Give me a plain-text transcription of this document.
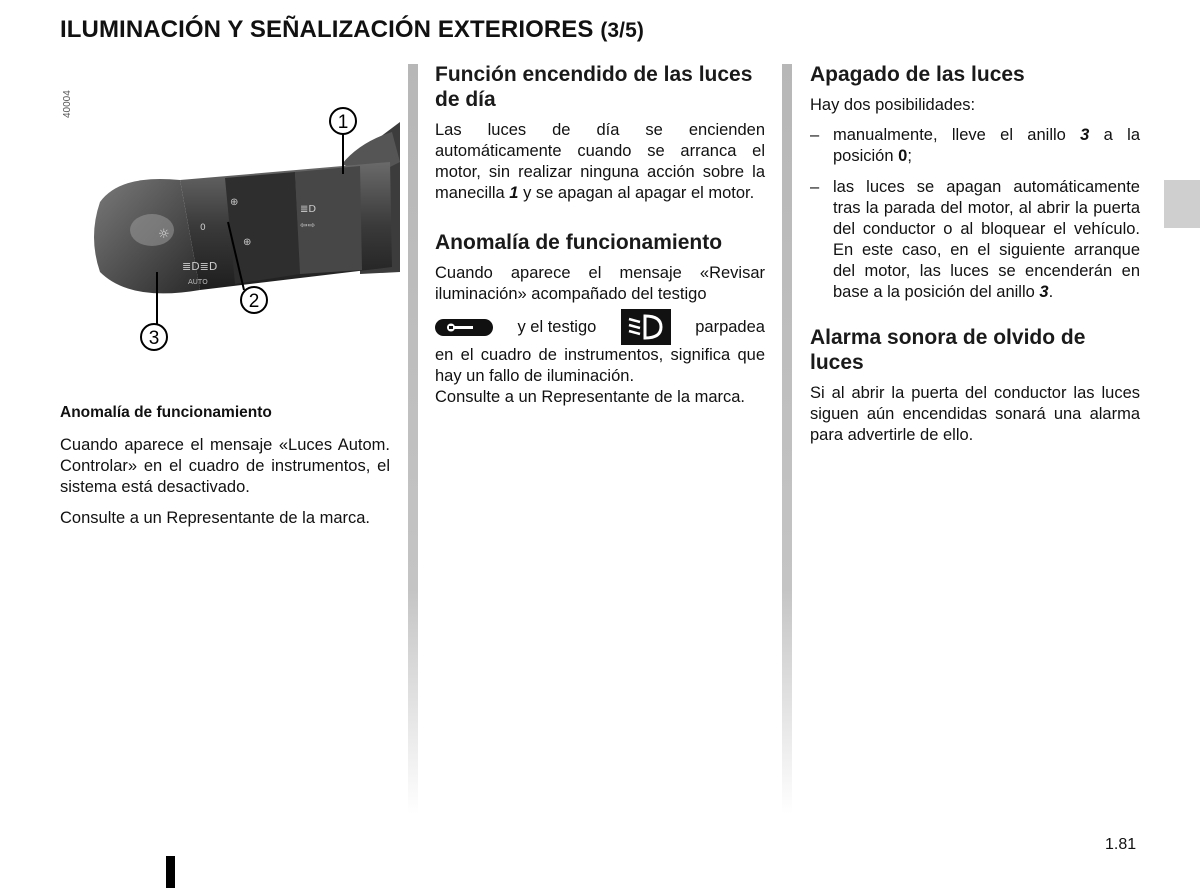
ILUMINACIÓN Y SEÑALIZACIÓN EXTERIORES (3/5)
40004
☼	0
≣D≣D
AUTO
⊕
⊕
≣D
⇦⇨
1
2
3
Anomalía de funcionamiento

Cuando aparece el mensaje «Luces Autom. Controlar» en el cuadro de instrumentos, el sistema está desactivado.

Consulte a un Representante de la marca.

Función encendido de las luces de día

Las luces de día se encienden automáticamente cuando se arranca el motor, sin realizar ninguna acción sobre la manecilla 1 y se apagan al apagar el motor.

Anomalía de funcionamiento

Cuando aparece el mensaje «Revisar iluminación» acompañado del testigo

y el testigo	parpadea

en el cuadro de instrumentos, significa que hay un fallo de iluminación.

Consulte a un Representante de la marca.

Apagado de las luces

Hay dos posibilidades:

– manualmente, lleve el anillo 3 a la posición 0;
– las luces se apagan automáticamente tras la parada del motor, al abrir la puerta del conductor o al bloquear el vehículo. En este caso, en el siguiente arranque del motor, las luces se encenderán en base a la posición del anillo 3.
Alarma sonora de olvido de luces

Si al abrir la puerta del conductor las luces siguen aún encendidas sonará una alarma para advertirle de ello.

1.81
